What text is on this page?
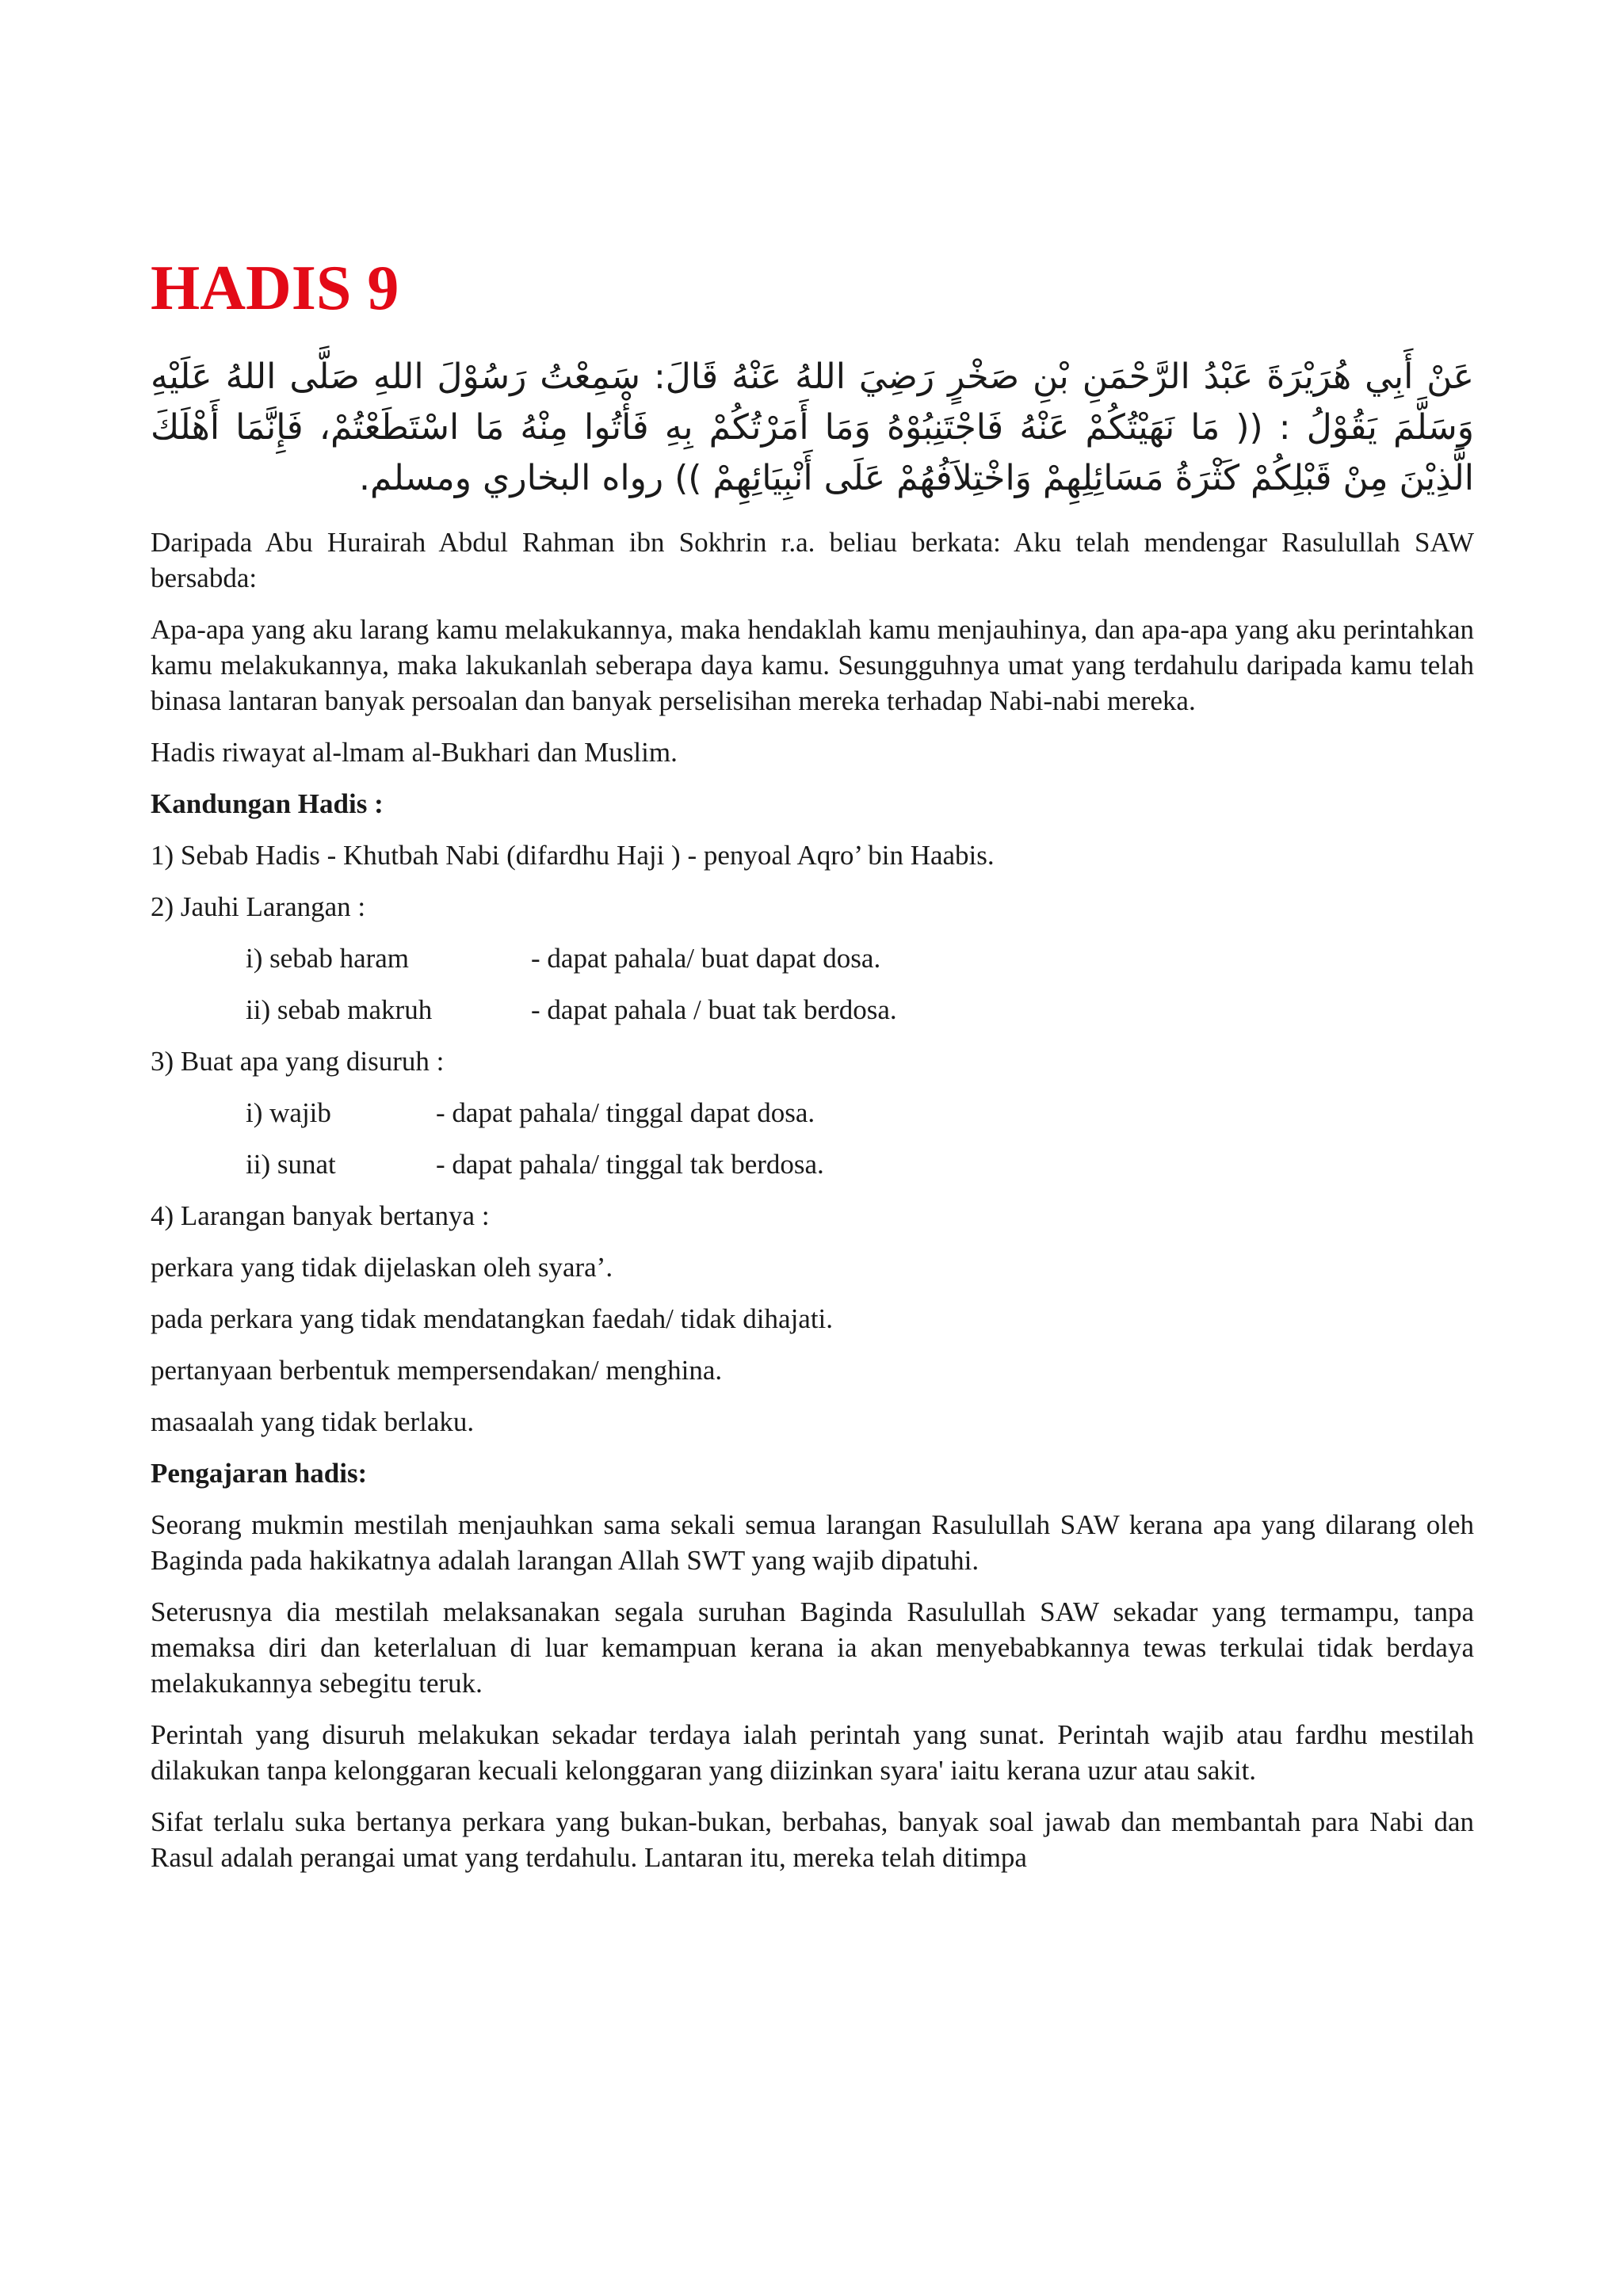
HADIS 9
عَنْ أَبِي هُرَيْرَةَ عَبْدُ الرَّحْمَنِ بْنِ صَخْرٍ رَضِيَ اللهُ عَنْهُ قَالَ: سَمِعْتُ رَسُوْلَ اللهِ صَلَّى اللهُ عَلَيْهِ وَسَلَّمَ يَقُوْلُ : (( مَا نَهَيْتُكُمْ عَنْهُ فَاجْتَنِبُوْهُ وَمَا أَمَرْتُكُمْ بِهِ فَأْتُوا مِنْهُ مَا اسْتَطَعْتُمْ، فَإِنَّمَا أَهْلَكَ الَّذِيْنَ مِنْ قَبْلِكُمْ كَثْرَةُ مَسَائِلِهِمْ وَاخْتِلاَفُهُمْ عَلَى أَنْبِيَائِهِمْ )) رواه البخاري ومسلم.

Daripada Abu Hurairah Abdul Rahman ibn Sokhrin r.a. beliau berkata: Aku telah mendengar Rasulullah SAW bersabda:

Apa-apa yang aku larang kamu melakukannya, maka hendaklah kamu menjauhinya, dan apa-apa yang aku perintahkan kamu melakukannya, maka lakukanlah seberapa daya kamu. Sesungguhnya umat yang terdahulu daripada kamu telah binasa lantaran banyak persoalan dan banyak perselisihan mereka terhadap Nabi-nabi mereka.

Hadis riwayat al-lmam al-Bukhari dan Muslim.

Kandungan Hadis :

1) Sebab Hadis - Khutbah Nabi (difardhu Haji ) - penyoal Aqro’ bin Haabis.

2) Jauhi Larangan :

i) sebab haram	- dapat pahala/ buat dapat dosa.
ii) sebab makruh	- dapat pahala / buat tak berdosa.

3) Buat apa yang disuruh :

i) wajib	- dapat pahala/ tinggal dapat dosa.
ii) sunat	- dapat pahala/ tinggal tak berdosa.

4) Larangan banyak bertanya :

perkara yang tidak dijelaskan oleh syara’.

pada perkara yang tidak mendatangkan faedah/ tidak dihajati.

pertanyaan berbentuk mempersendakan/ menghina.

masaalah yang tidak berlaku.

Pengajaran hadis:

Seorang mukmin mestilah menjauhkan sama sekali semua larangan Rasulullah SAW kerana apa yang dilarang oleh Baginda pada hakikatnya adalah larangan Allah SWT yang wajib dipatuhi.

Seterusnya dia mestilah melaksanakan segala suruhan Baginda Rasulullah SAW sekadar yang termampu, tanpa memaksa diri dan keterlaluan di luar kemampuan kerana ia akan menyebabkannya tewas terkulai tidak berdaya melakukannya sebegitu teruk.

Perintah yang disuruh melakukan sekadar terdaya ialah perintah yang sunat. Perintah wajib atau fardhu mestilah dilakukan tanpa kelonggaran kecuali kelonggaran yang diizinkan syara' iaitu kerana uzur atau sakit.

Sifat terlalu suka bertanya perkara yang bukan-bukan, berbahas, banyak soal jawab dan membantah para Nabi dan Rasul adalah perangai umat yang terdahulu. Lantaran itu, mereka telah ditimpa
